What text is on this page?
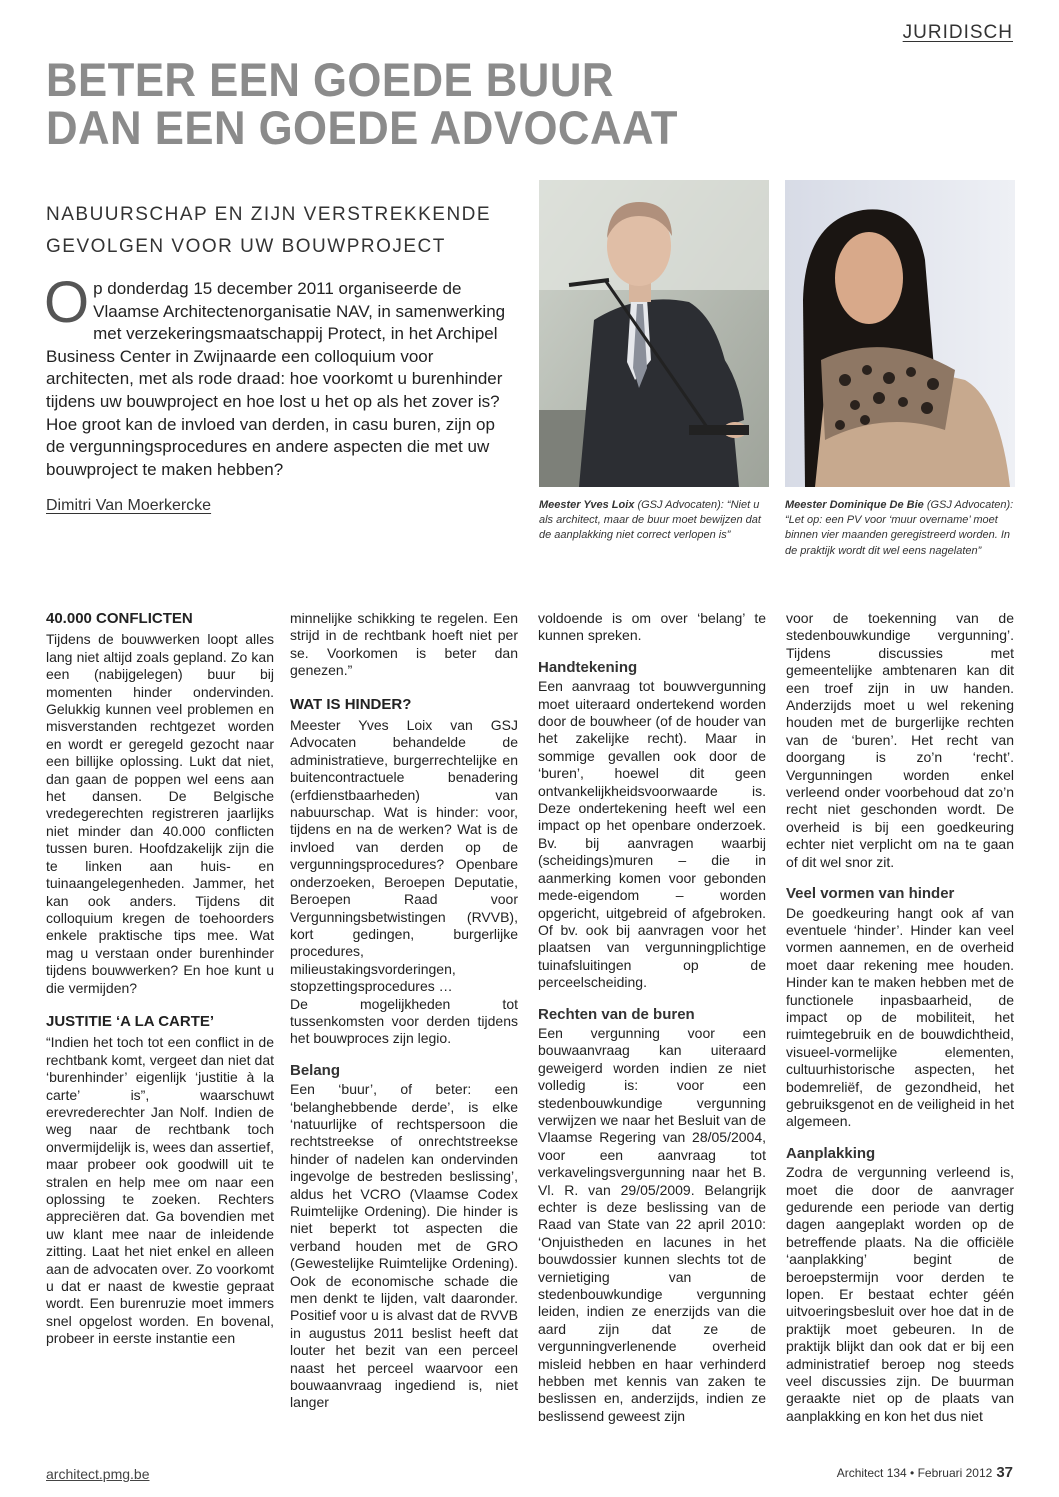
JURIDISCH
BETER EEN GOEDE BUUR
DAN EEN GOEDE ADVOCAAT
NABUURSCHAP EN ZIJN VERSTREKKENDE
GEVOLGEN VOOR UW BOUWPROJECT

Op donderdag 15 december 2011 organiseerde de Vlaamse Architectenorganisatie NAV, in samenwerking met verzekeringsmaatschappij Protect, in het Archipel Business Center in Zwijnaarde een colloquium voor architecten, met als rode draad: hoe voorkomt u burenhinder tijdens uw bouwproject en hoe lost u het op als het zover is? Hoe groot kan de invloed van derden, in casu buren, zijn op de vergunningsprocedures en andere aspecten die met uw bouwproject te maken hebben?

Dimitri Van Moerkercke	Meester Yves Loix (GSJ Advocaten): “Niet u als architect, maar de buur moet bewijzen dat de aanplakking niet correct verlopen is”

Meester Dominique De Bie (GSJ Advocaten): “Let op: een PV voor ‘muur overname’ moet binnen vier maanden geregistreerd worden. In de praktijk wordt dit wel eens nagelaten”

40.000 CONFLICTEN

Tijdens de bouwwerken loopt alles lang niet altijd zoals gepland. Zo kan een (nabijgelegen) buur bij momenten hinder ondervinden. Gelukkig kunnen veel problemen en misverstanden rechtgezet worden en wordt er geregeld gezocht naar een billijke oplossing. Lukt dat niet, dan gaan de poppen wel eens aan het dansen. De Belgische vredegerechten registreren jaarlijks niet minder dan 40.000 conflicten tussen buren. Hoofdzakelijk zijn die te linken aan huis- en tuinaangelegenheden. Jammer, het kan ook anders. Tijdens dit colloquium kregen de toehoorders enkele praktische tips mee. Wat mag u verstaan onder burenhinder tijdens bouwwerken? En hoe kunt u die vermijden?

JUSTITIE ‘A LA CARTE’

“Indien het toch tot een conflict in de rechtbank komt, vergeet dan niet dat ‘burenhinder’ eigenlijk ‘justitie à la carte’ is”, waarschuwt erevrederechter Jan Nolf. Indien de weg naar de rechtbank toch onvermijdelijk is, wees dan assertief, maar probeer ook goodwill uit te stralen en help mee om naar een oplossing te zoeken. Rechters appreciëren dat. Ga bovendien met uw klant mee naar de inleidende zitting. Laat het niet enkel en alleen aan de advocaten over. Zo voorkomt u dat er naast de kwestie gepraat wordt. Een burenruzie moet immers snel opgelost worden. En bovenal, probeer in eerste instantie een

minnelijke schikking te regelen. Een strijd in de rechtbank hoeft niet per se. Voorkomen is beter dan genezen.”

WAT IS HINDER?

Meester Yves Loix van GSJ Advocaten behandelde de administratieve, burgerrechtelijke en buitencontractuele benadering (erfdienstbaarheden) van nabuurschap. Wat is hinder: voor, tijdens en na de werken? Wat is de invloed van derden op de vergunningsprocedures? Openbare onderzoeken, Beroepen Deputatie, Beroepen Raad voor Vergunningsbetwistingen (RVVB), kort gedingen, burgerlijke procedures, milieustakingsvorderingen, stopzettingsprocedures …

De mogelijkheden tot tussenkomsten voor derden tijdens het bouwproces zijn legio.

Belang

Een ‘buur’, of beter: een ‘belanghebbende derde’, is elke ‘natuurlijke of rechtspersoon die rechtstreekse of onrechtstreekse hinder of nadelen kan ondervinden ingevolge de bestreden beslissing’, aldus het VCRO (Vlaamse Codex Ruimtelijke Ordening). Die hinder is niet beperkt tot aspecten die verband houden met de GRO (Gewestelijke Ruimtelijke Ordening). Ook de economische schade die men denkt te lijden, valt daaronder. Positief voor u is alvast dat de RVVB in augustus 2011 beslist heeft dat louter het bezit van een perceel naast het perceel waarvoor een bouwaanvraag ingediend is, niet langer

voldoende is om over ‘belang’ te kunnen spreken.

Handtekening

Een aanvraag tot bouwvergunning moet uiteraard ondertekend worden door de bouwheer (of de houder van het zakelijke recht). Maar in sommige gevallen ook door de ‘buren’, hoewel dit geen ontvankelijkheidsvoorwaarde is. Deze ondertekening heeft wel een impact op het openbare onderzoek. Bv. bij aanvragen waarbij (scheidings)muren – die in aanmerking komen voor gebonden mede-eigendom – worden opgericht, uitgebreid of afgebroken. Of bv. ook bij aanvragen voor het plaatsen van vergunningplichtige tuinafsluitingen op de perceelscheiding.

Rechten van de buren

Een vergunning voor een bouwaanvraag kan uiteraard geweigerd worden indien ze niet volledig is: voor een stedenbouwkundige vergunning verwijzen we naar het Besluit van de Vlaamse Regering van 28/05/2004, voor een aanvraag tot verkavelingsvergunning naar het B. Vl. R. van 29/05/2009. Belangrijk echter is deze beslissing van de Raad van State van 22 april 2010: ‘Onjuistheden en lacunes in het bouwdossier kunnen slechts tot de vernietiging van de stedenbouwkundige vergunning leiden, indien ze enerzijds van die aard zijn dat ze de vergunningverlenende overheid misleid hebben en haar verhinderd hebben met kennis van zaken te beslissen en, anderzijds, indien ze beslissend geweest zijn

voor de toekenning van de stedenbouwkundige vergunning’. Tijdens discussies met gemeentelijke ambtenaren kan dit een troef zijn in uw handen. Anderzijds moet u wel rekening houden met de burgerlijke rechten van de ‘buren’. Het recht van doorgang is zo’n ‘recht’. Vergunningen worden enkel verleend onder voorbehoud dat zo’n recht niet geschonden wordt. De overheid is bij een goedkeuring echter niet verplicht om na te gaan of dit wel snor zit.

Veel vormen van hinder

De goedkeuring hangt ook af van eventuele ‘hinder’. Hinder kan veel vormen aannemen, en de overheid moet daar rekening mee houden. Hinder kan te maken hebben met de functionele inpasbaarheid, de impact op de mobiliteit, het ruimtegebruik en de bouwdichtheid, visueel-vormelijke elementen, cultuurhistorische aspecten, het bodemreliëf, de gezondheid, het gebruiksgenot en de veiligheid in het algemeen.

Aanplakking

Zodra de vergunning verleend is, moet die door de aanvrager gedurende een periode van dertig dagen aangeplakt worden op de betreffende plaats. Na die officiële ‘aanplakking’ begint de beroepstermijn voor derden te lopen. Er bestaat echter géén uitvoeringsbesluit over hoe dat in de praktijk moet gebeuren. In de praktijk blijkt dan ook dat er bij een administratief beroep nog steeds veel discussies zijn. De buurman geraakte niet op de plaats van aanplakking en kon het dus niet

architect.pmg.be	Architect 134 • Februari 2012 37
